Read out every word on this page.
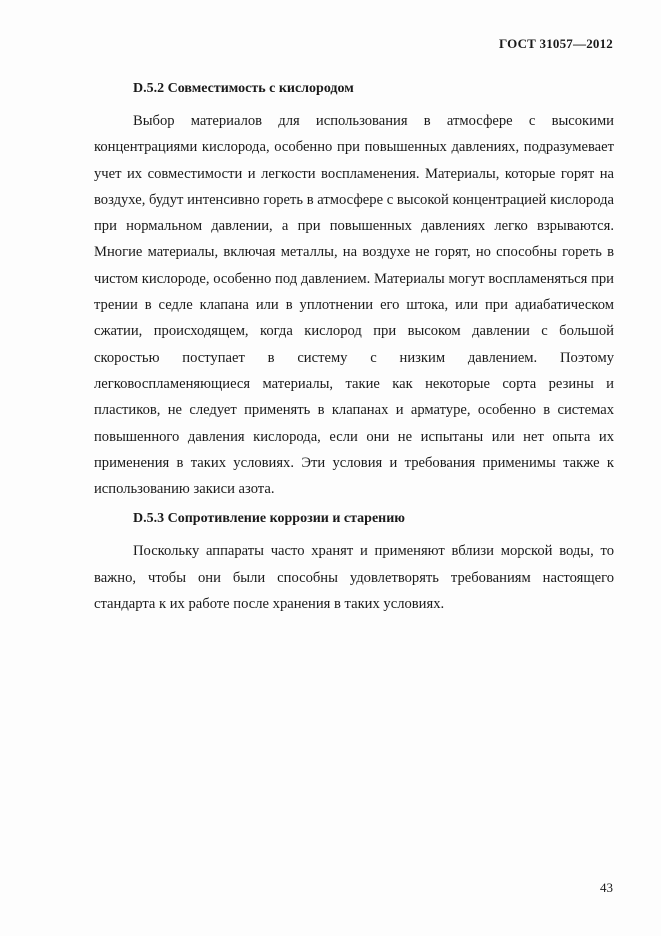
ГОСТ 31057—2012
D.5.2 Совместимость с кислородом

Выбор материалов для использования в атмосфере с высокими концентрациями кислорода, особенно при повышенных давлениях, подразумевает учет их совместимости и легкости воспламенения. Материалы, которые горят на воздухе, будут интенсивно гореть в атмосфере с высокой концентрацией кислорода при нормальном давлении, а при повышенных давлениях легко взрываются. Многие материалы, включая металлы, на воздухе не горят, но способны гореть в чистом кислороде, особенно под давлением. Материалы могут воспламеняться при трении в седле клапана или в уплотнении его штока, или при адиабатическом сжатии, происходящем, когда кислород при высоком давлении с большой скоростью поступает в систему с низким давлением. Поэтому легковоспламеняющиеся материалы, такие как некоторые сорта резины и пластиков, не следует применять в клапанах и арматуре, особенно в системах повышенного давления кислорода, если они не испытаны или нет опыта их применения в таких условиях. Эти условия и требования применимы также к использованию закиси азота.

D.5.3 Сопротивление коррозии и старению

Поскольку аппараты часто хранят и применяют вблизи морской воды, то важно, чтобы они были способны удовлетворять требованиям настоящего стандарта к их работе после хранения в таких условиях.

43
